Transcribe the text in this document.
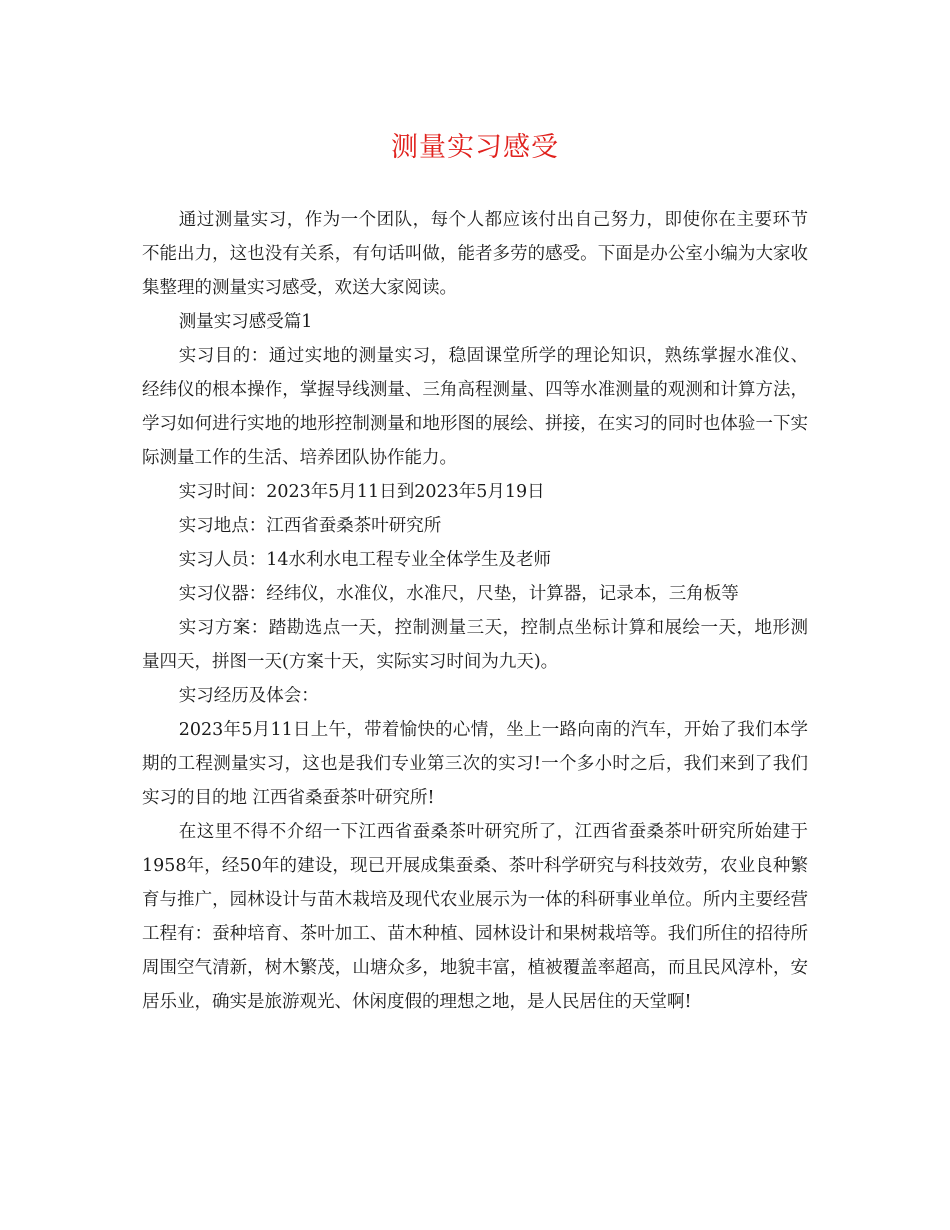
测量实习感受

通过测量实习，作为一个团队，每个人都应该付出自己努力，即使你在主要环节不能出力，这也没有关系，有句话叫做，能者多劳的感受。下面是办公室小编为大家收集整理的测量实习感受，欢送大家阅读。

测量实习感受篇1

实习目的：通过实地的测量实习，稳固课堂所学的理论知识，熟练掌握水准仪、经纬仪的根本操作，掌握导线测量、三角高程测量、四等水准测量的观测和计算方法，学习如何进行实地的地形控制测量和地形图的展绘、拼接，在实习的同时也体验一下实际测量工作的生活、培养团队协作能力。

实习时间：2023年5月11日到2023年5月19日

实习地点：江西省蚕桑茶叶研究所

实习人员：14水利水电工程专业全体学生及老师

实习仪器：经纬仪，水准仪，水准尺，尺垫，计算器，记录本，三角板等

实习方案：踏勘选点一天，控制测量三天，控制点坐标计算和展绘一天，地形测量四天，拼图一天(方案十天，实际实习时间为九天)。

实习经历及体会：

2023年5月11日上午，带着愉快的心情，坐上一路向南的汽车，开始了我们本学期的工程测量实习，这也是我们专业第三次的实习!一个多小时之后，我们来到了我们实习的目的地 江西省桑蚕茶叶研究所!

在这里不得不介绍一下江西省蚕桑茶叶研究所了，江西省蚕桑茶叶研究所始建于1958年，经50年的建设，现已开展成集蚕桑、茶叶科学研究与科技效劳，农业良种繁育与推广，园林设计与苗木栽培及现代农业展示为一体的科研事业单位。所内主要经营工程有：蚕种培育、茶叶加工、苗木种植、园林设计和果树栽培等。我们所住的招待所周围空气清新，树木繁茂，山塘众多，地貌丰富，植被覆盖率超高，而且民风淳朴，安居乐业，确实是旅游观光、休闲度假的理想之地，是人民居住的天堂啊!
